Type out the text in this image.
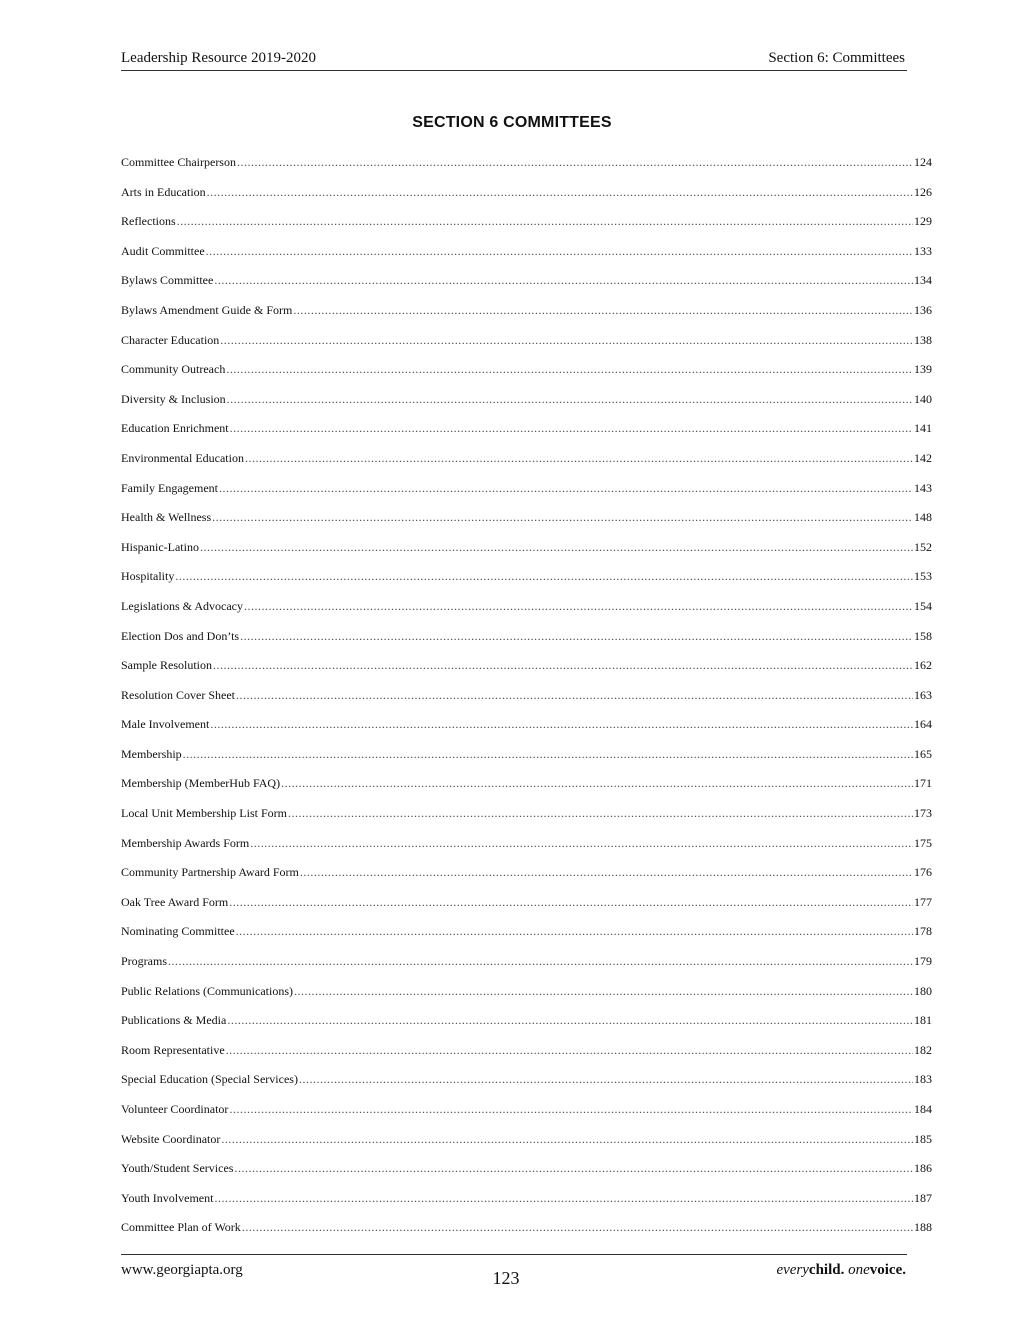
Leadership Resource 2019-2020	Section 6: Committees
SECTION 6 COMMITTEES
Committee Chairperson .....	124
Arts in Education .....	126
Reflections .....	129
Audit Committee .....	133
Bylaws Committee .....	134
Bylaws Amendment Guide & Form .....	136
Character Education .....	138
Community Outreach .....	139
Diversity & Inclusion .....	140
Education Enrichment .....	141
Environmental Education .....	142
Family Engagement .....	143
Health & Wellness .....	148
Hispanic-Latino .....	152
Hospitality .....	153
Legislations & Advocacy .....	154
Election Dos and Don’ts .....	158
Sample Resolution .....	162
Resolution Cover Sheet .....	163
Male Involvement .....	164
Membership .....	165
Membership (MemberHub FAQ) .....	171
Local Unit Membership List Form .....	173
Membership Awards Form .....	175
Community Partnership Award Form .....	176
Oak Tree Award Form .....	177
Nominating Committee .....	178
Programs .....	179
Public Relations (Communications) .....	180
Publications & Media .....	181
Room Representative .....	182
Special Education (Special Services) .....	183
Volunteer Coordinator .....	184
Website Coordinator .....	185
Youth/Student Services .....	186
Youth Involvement .....	187
Committee Plan of Work .....	188
www.georgiapta.org	123	everychild. onevoice.
